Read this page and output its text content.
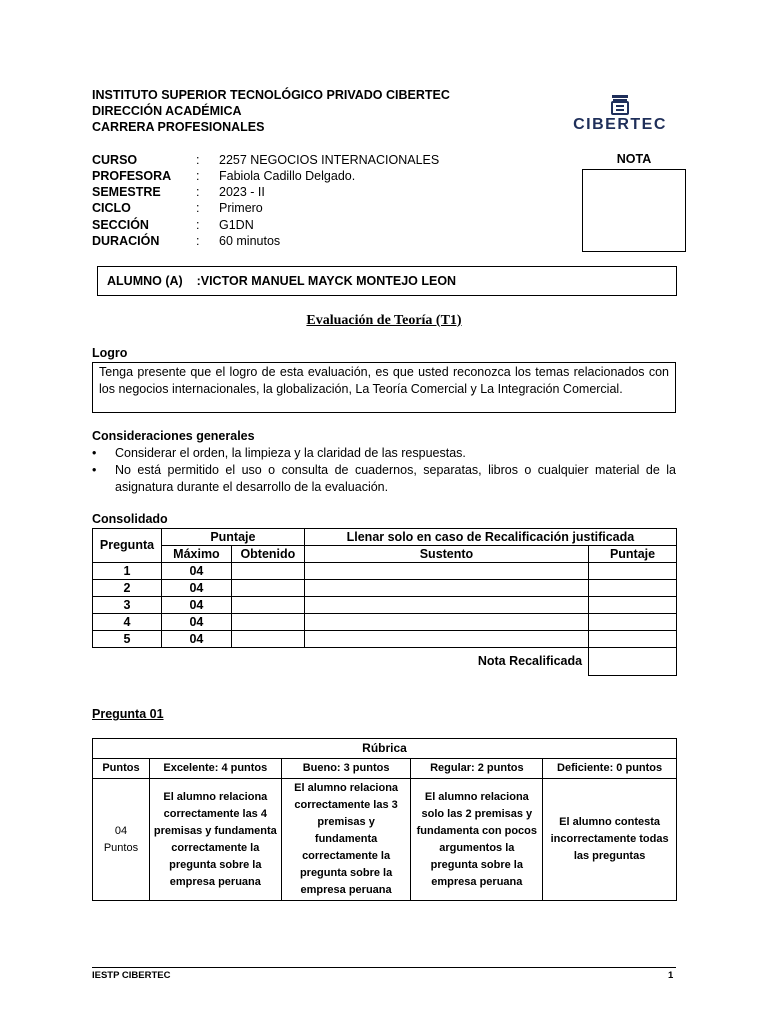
INSTITUTO SUPERIOR TECNOLÓGICO PRIVADO CIBERTEC
DIRECCIÓN ACADÉMICA
CARRERA PROFESIONALES	CIBERTEC
CURSO	: 2257 NEGOCIOS INTERNACIONALES
PROFESORA	: Fabiola Cadillo Delgado.
SEMESTRE	: 2023 - II
CICLO	: Primero
SECCIÓN	: G1DN
DURACIÓN	: 60 minutos
NOTA
ALUMNO (A)    :VICTOR MANUEL MAYCK MONTEJO LEON
Evaluación de Teoría (T1)
Logro
Tenga presente que el logro de esta evaluación, es que usted reconozca los temas relacionados con los negocios internacionales, la globalización, La Teoría Comercial y La Integración Comercial.
Consideraciones generales
• Considerar el orden, la limpieza y la claridad de las respuestas.
• No está permitido el uso o consulta de cuadernos, separatas, libros o cualquier material de la asignatura durante el desarrollo de la evaluación.
Consolidado
Pregunta	Puntaje		Llenar solo en caso de Recalificación justificada	
	Máximo	Obtenido	Sustento	Puntaje
1	04			
2	04			
3	04			
4	04			
5	04			
Nota Recalificada				
Pregunta 01
Rúbrica				
Puntos	Excelente: 4 puntos	Bueno: 3 puntos	Regular: 2 puntos	Deficiente: 0 puntos
04
Puntos	El alumno relaciona correctamente las 4 premisas y fundamenta correctamente la pregunta sobre la empresa peruana	El alumno relaciona correctamente las 3 premisas y fundamenta correctamente la pregunta sobre la empresa peruana	El alumno relaciona solo las 2 premisas y fundamenta con pocos argumentos la pregunta sobre la empresa peruana	El alumno contesta incorrectamente todas las preguntas
IESTP CIBERTEC	1
